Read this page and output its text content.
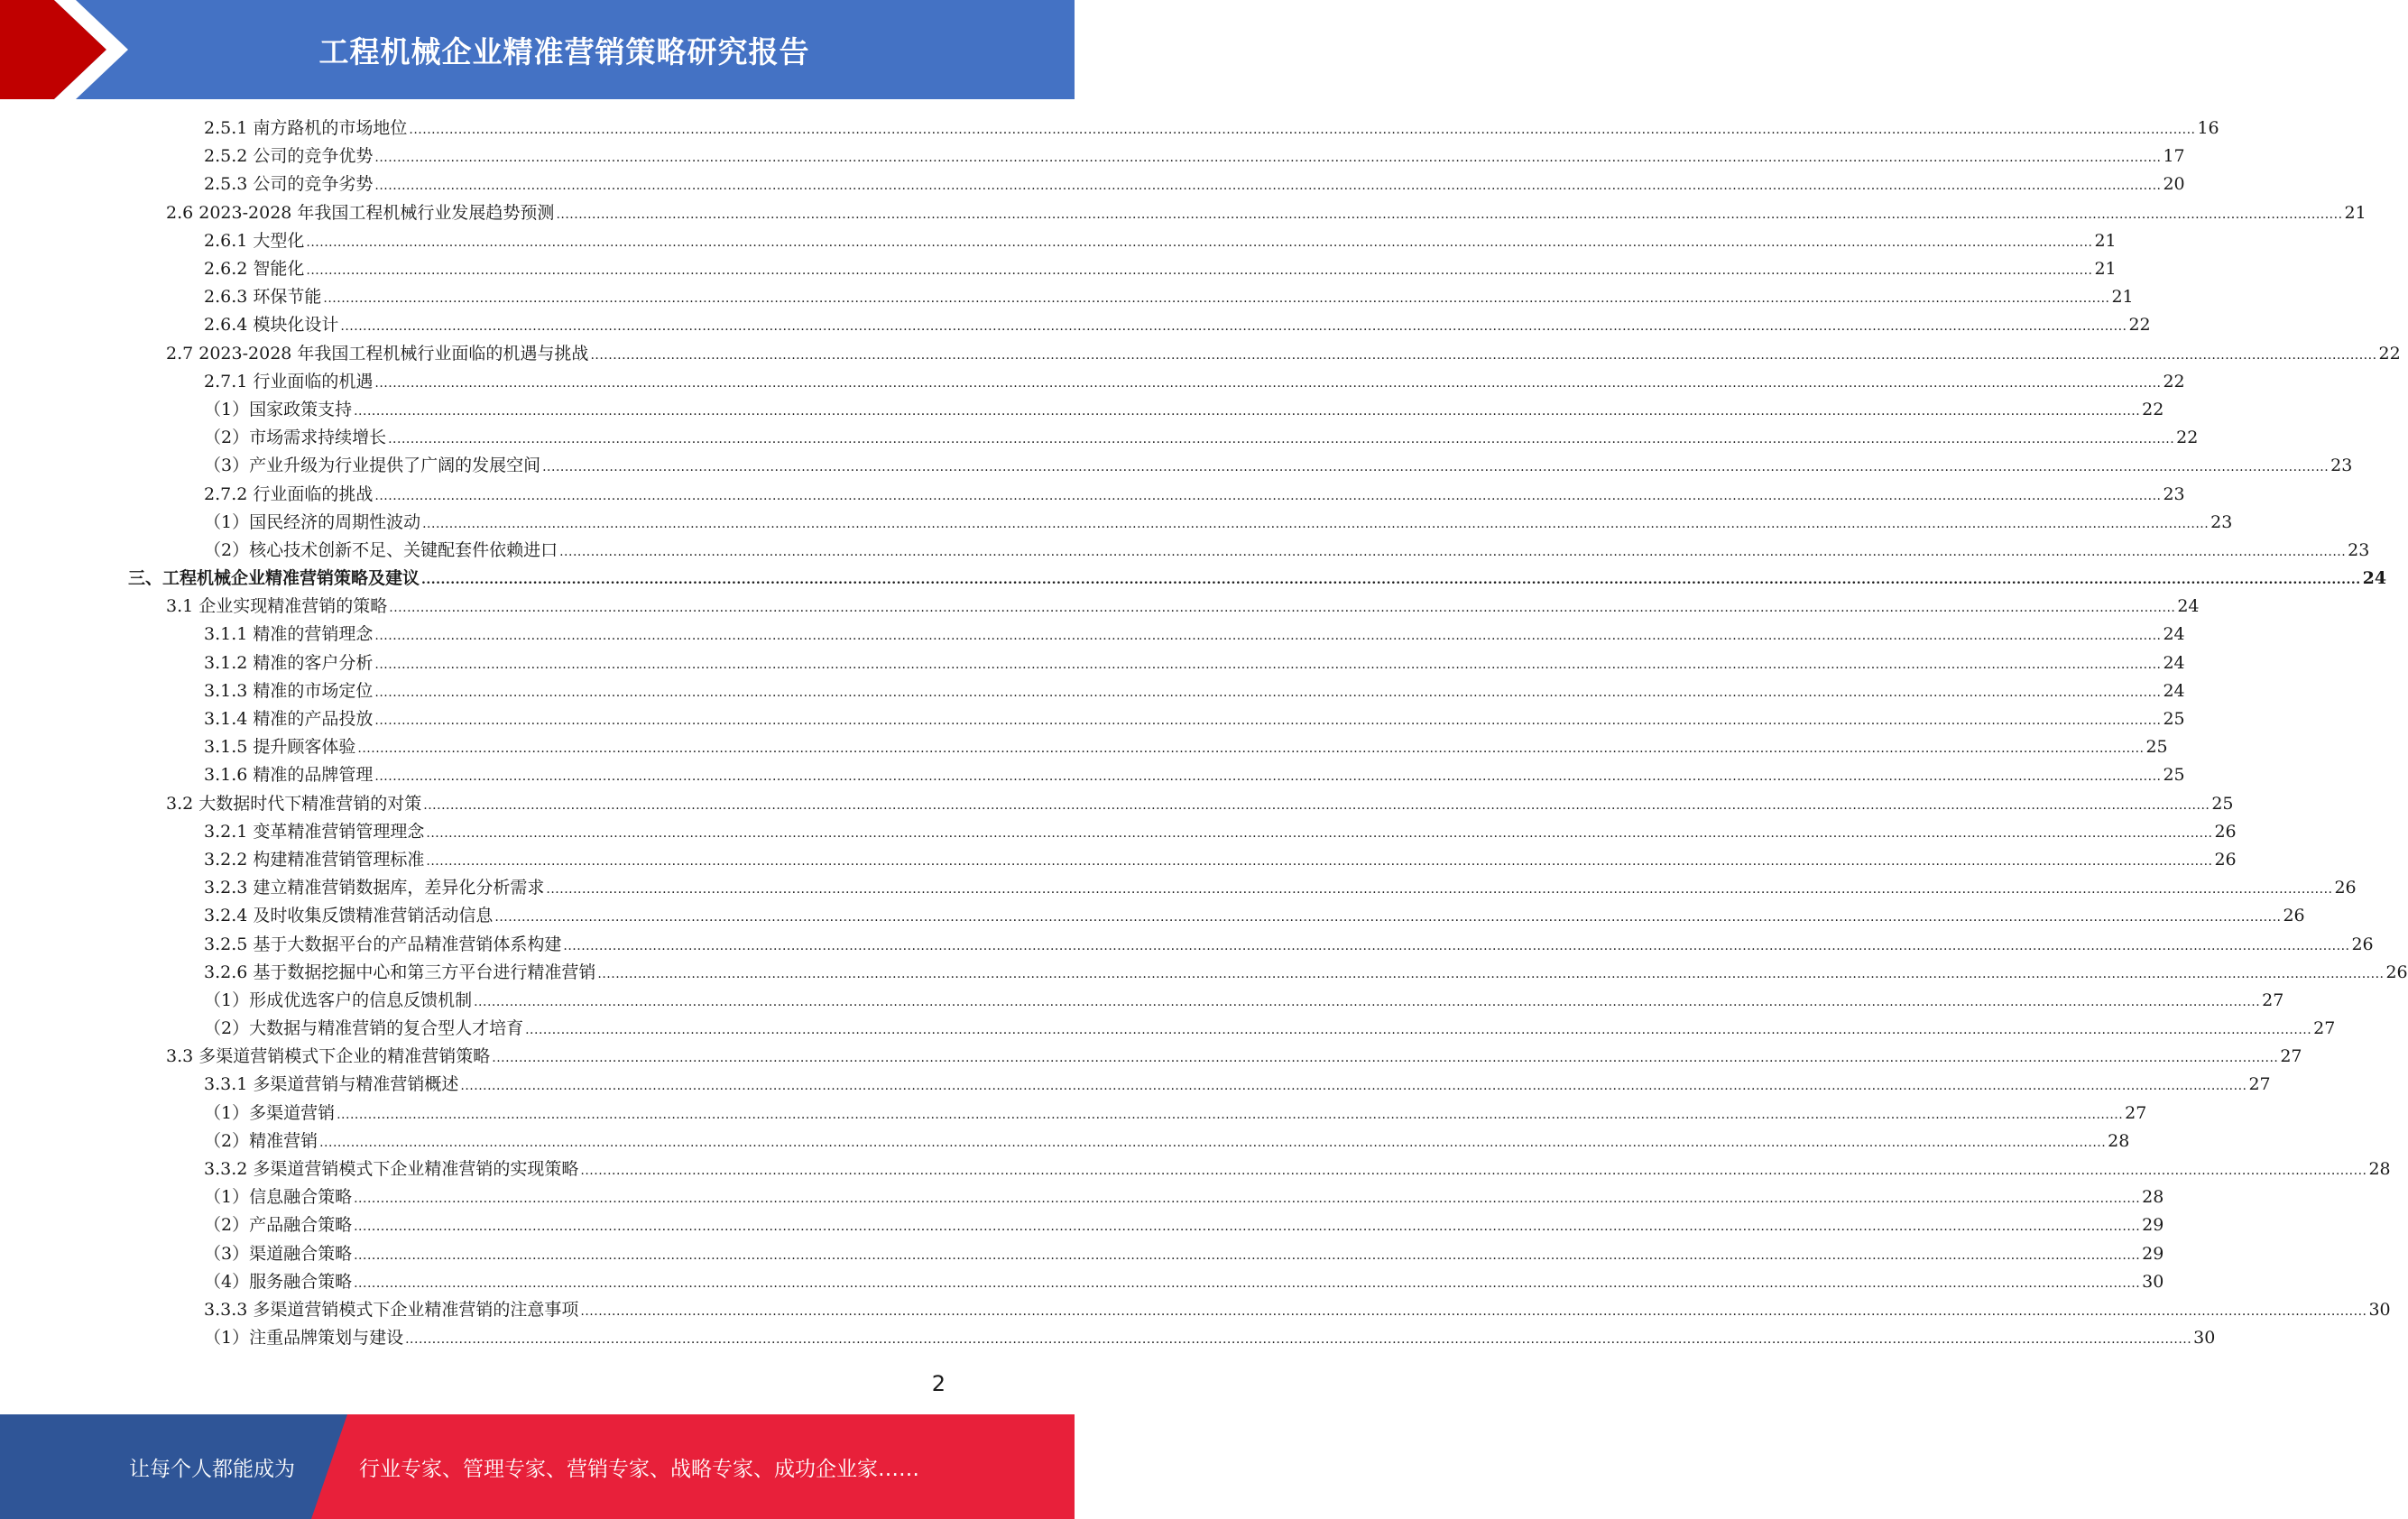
工程机械企业精准营销策略研究报告
2.5.1 南方路机的市场地位 ................................................................................................................................................................................................................................................................................................................................................................................................................ 16
2.5.2 公司的竞争优势 ................................................................................................................................................................................................................................................................................................................................................................................................................ 17
2.5.3 公司的竞争劣势 ................................................................................................................................................................................................................................................................................................................................................................................................................ 20
2.6 2023-2028 年我国工程机械行业发展趋势预测 ................................................................................................................................................................................................................................................................................................................................................................................................................ 21
2.6.1 大型化 ................................................................................................................................................................................................................................................................................................................................................................................................................ 21
2.6.2 智能化 ................................................................................................................................................................................................................................................................................................................................................................................................................ 21
2.6.3 环保节能 ................................................................................................................................................................................................................................................................................................................................................................................................................ 21
2.6.4 模块化设计 ................................................................................................................................................................................................................................................................................................................................................................................................................ 22
2.7 2023-2028 年我国工程机械行业面临的机遇与挑战 ................................................................................................................................................................................................................................................................................................................................................................................................................ 22
2.7.1 行业面临的机遇 ................................................................................................................................................................................................................................................................................................................................................................................................................ 22
（1）国家政策支持 ................................................................................................................................................................................................................................................................................................................................................................................................................ 22
（2）市场需求持续增长 ................................................................................................................................................................................................................................................................................................................................................................................................................ 22
（3）产业升级为行业提供了广阔的发展空间 ................................................................................................................................................................................................................................................................................................................................................................................................................ 23
2.7.2 行业面临的挑战 ................................................................................................................................................................................................................................................................................................................................................................................................................ 23
（1）国民经济的周期性波动 ................................................................................................................................................................................................................................................................................................................................................................................................................ 23
（2）核心技术创新不足、关键配套件依赖进口 ................................................................................................................................................................................................................................................................................................................................................................................................................ 23
三、工程机械企业精准营销策略及建议 ................................................................................................................................................................................................................................................................................................................................................................................................................ 24
3.1 企业实现精准营销的策略 ................................................................................................................................................................................................................................................................................................................................................................................................................ 24
3.1.1 精准的营销理念 ................................................................................................................................................................................................................................................................................................................................................................................................................ 24
3.1.2 精准的客户分析 ................................................................................................................................................................................................................................................................................................................................................................................................................ 24
3.1.3 精准的市场定位 ................................................................................................................................................................................................................................................................................................................................................................................................................ 24
3.1.4 精准的产品投放 ................................................................................................................................................................................................................................................................................................................................................................................................................ 25
3.1.5 提升顾客体验 ................................................................................................................................................................................................................................................................................................................................................................................................................ 25
3.1.6 精准的品牌管理 ................................................................................................................................................................................................................................................................................................................................................................................................................ 25
3.2 大数据时代下精准营销的对策 ................................................................................................................................................................................................................................................................................................................................................................................................................ 25
3.2.1 变革精准营销管理理念 ................................................................................................................................................................................................................................................................................................................................................................................................................ 26
3.2.2 构建精准营销管理标准 ................................................................................................................................................................................................................................................................................................................................................................................................................ 26
3.2.3 建立精准营销数据库，差异化分析需求 ................................................................................................................................................................................................................................................................................................................................................................................................................ 26
3.2.4 及时收集反馈精准营销活动信息 ................................................................................................................................................................................................................................................................................................................................................................................................................ 26
3.2.5 基于大数据平台的产品精准营销体系构建 ................................................................................................................................................................................................................................................................................................................................................................................................................ 26
3.2.6 基于数据挖掘中心和第三方平台进行精准营销 ................................................................................................................................................................................................................................................................................................................................................................................................................ 26
（1）形成优选客户的信息反馈机制 ................................................................................................................................................................................................................................................................................................................................................................................................................ 27
（2）大数据与精准营销的复合型人才培育 ................................................................................................................................................................................................................................................................................................................................................................................................................ 27
3.3 多渠道营销模式下企业的精准营销策略 ................................................................................................................................................................................................................................................................................................................................................................................................................ 27
3.3.1 多渠道营销与精准营销概述 ................................................................................................................................................................................................................................................................................................................................................................................................................ 27
（1）多渠道营销 ................................................................................................................................................................................................................................................................................................................................................................................................................ 27
（2）精准营销 ................................................................................................................................................................................................................................................................................................................................................................................................................ 28
3.3.2 多渠道营销模式下企业精准营销的实现策略 ................................................................................................................................................................................................................................................................................................................................................................................................................ 28
（1）信息融合策略 ................................................................................................................................................................................................................................................................................................................................................................................................................ 28
（2）产品融合策略 ................................................................................................................................................................................................................................................................................................................................................................................................................ 29
（3）渠道融合策略 ................................................................................................................................................................................................................................................................................................................................................................................................................ 29
（4）服务融合策略 ................................................................................................................................................................................................................................................................................................................................................................................................................ 30
3.3.3 多渠道营销模式下企业精准营销的注意事项 ................................................................................................................................................................................................................................................................................................................................................................................................................ 30
（1）注重品牌策划与建设 ................................................................................................................................................................................................................................................................................................................................................................................................................ 30
2
让每个人都能成为	行业专家、管理专家、营销专家、战略专家、成功企业家……
